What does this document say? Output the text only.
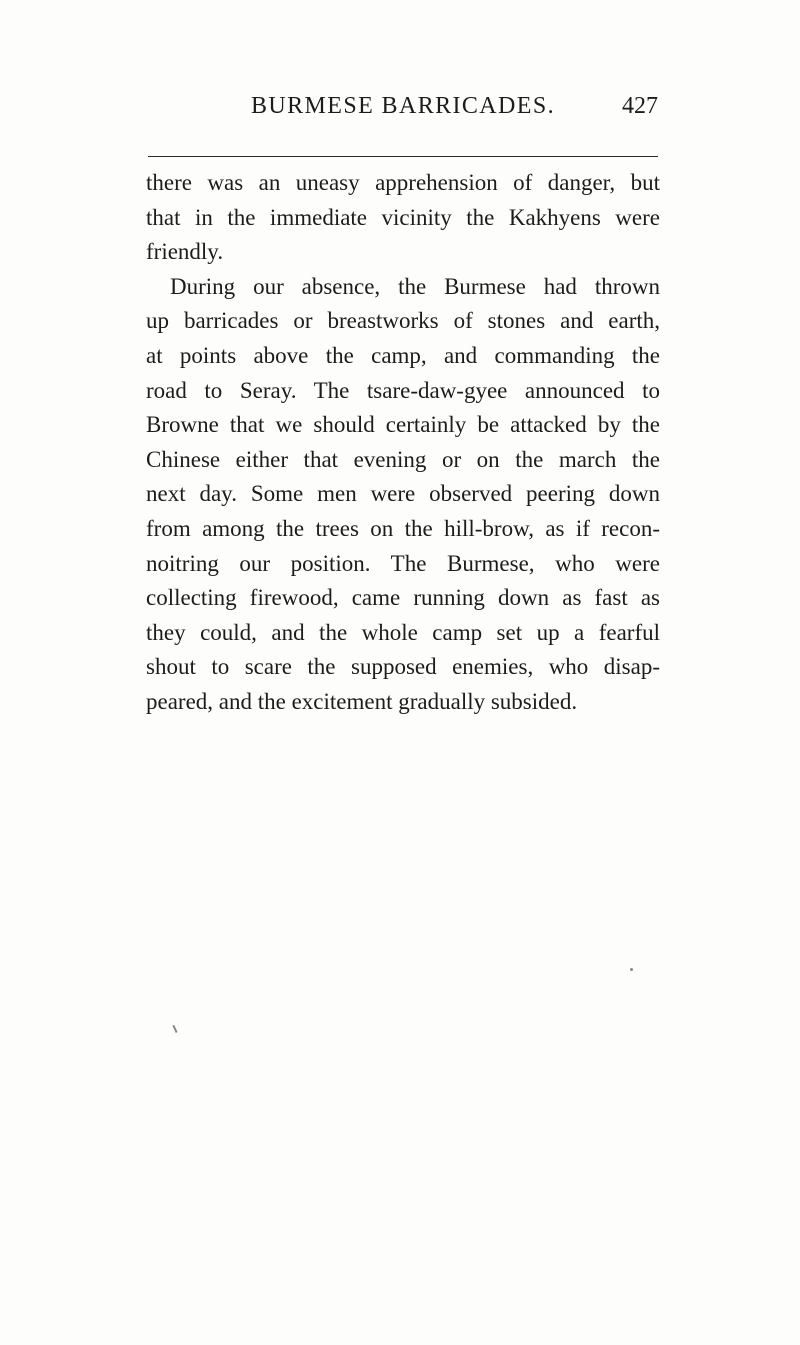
BURMESE BARRICADES.	427

there was an uneasy apprehension of danger, but
that in the immediate vicinity the Kakhyens were
friendly.

During our absence, the Burmese had thrown
up barricades or breastworks of stones and earth,
at points above the camp, and commanding the
road to Seray. The tsare-daw-gyee announced to
Browne that we should certainly be attacked by the
Chinese either that evening or on the march the
next day. Some men were observed peering down
from among the trees on the hill-brow, as if recon-
noitring our position. The Burmese, who were
collecting firewood, came running down as fast as
they could, and the whole camp set up a fearful
shout to scare the supposed enemies, who disap-
peared, and the excitement gradually subsided.
